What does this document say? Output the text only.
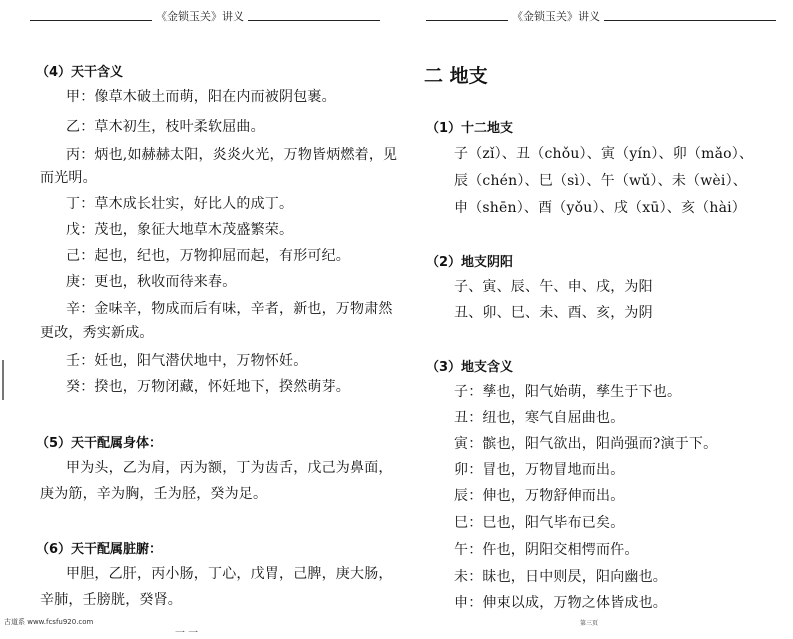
《金锁玉关》讲义
（4）天干含义
甲：像草木破土而萌，阳在内而被阴包裹。
乙：草木初生，枝叶柔软屈曲。
丙：炳也,如赫赫太阳，炎炎火光，万物皆炳燃着，见
而光明。
丁：草木成长壮实，好比人的成丁。
戊：茂也，象征大地草木茂盛繁荣。
己：起也，纪也，万物抑屈而起，有形可纪。
庚：更也，秋收而待来春。
辛：金味辛，物成而后有味，辛者，新也，万物肃然
更改，秀实新成。
壬：妊也，阳气潜伏地中，万物怀妊。
癸：揆也，万物闭藏，怀妊地下，揆然萌芽。
（5）天干配属身体：
甲为头，乙为肩，丙为额，丁为齿舌，戊己为鼻面，
庚为筋，辛为胸，壬为胫，癸为足。
（6）天干配属脏腑：
甲胆，乙肝，丙小肠，丁心，戊胃，己脾，庚大肠，
辛肺，壬膀胱，癸肾。
《金锁玉关》讲义
二 地支
（1）十二地支
子（zǐ）、丑（chǒu）、寅（yín）、卯（mǎo）、
辰（chén）、巳（sì）、午（wǔ）、未（wèi）、
申（shēn）、酉（yǒu）、戌（xū）、亥（hài）
（2）地支阴阳
子、寅、辰、午、申、戌，为阳
丑、卯、巳、未、酉、亥，为阴
（3）地支含义
子：孳也，阳气始萌，孳生于下也。
丑：纽也，寒气自屈曲也。
寅：髌也，阳气欲出，阳尚强而?演于下。
卯：冒也，万物冒地而出。
辰：伸也，万物舒伸而出。
巳：巳也，阳气毕布已矣。
午：仵也，阴阳交相愕而仵。
未：昧也，日中则昃，阳向幽也。
申：伸束以成，万物之体皆成也。
古道系 www.fcsfu920.com	第三页
一 一
